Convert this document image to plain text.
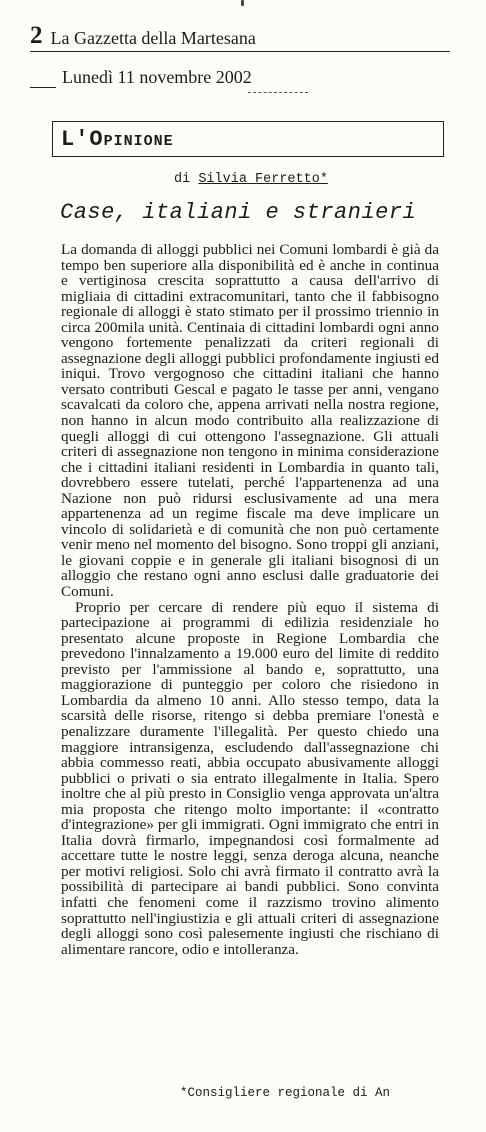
2 La Gazzetta della Martesana
Lunedì 11 novembre 2002
L'Opinione
di Silvia Ferretto*
Case, italiani e stranieri

La domanda di alloggi pubblici nei Comuni lombardi è già da tempo ben superiore alla disponibilità ed è anche in continua e vertiginosa crescita soprattutto a causa dell'arrivo di migliaia di cittadini extracomunitari, tanto che il fabbisogno regionale di alloggi è stato stimato per il prossimo triennio in circa 200mila unità. Centinaia di cittadini lombardi ogni anno vengono fortemente penalizzati da criteri regionali di assegnazione degli alloggi pubblici profondamente ingiusti ed iniqui. Trovo vergognoso che cittadini italiani che hanno versato contributi Gescal e pagato le tasse per anni, vengano scavalcati da coloro che, appena arrivati nella nostra regione, non hanno in alcun modo contribuito alla realizzazione di quegli alloggi di cui ottengono l'assegnazione. Gli attuali criteri di assegnazione non tengono in minima considerazione che i cittadini italiani residenti in Lombardia in quanto tali, dovrebbero essere tutelati, perché l'appartenenza ad una Nazione non può ridursi esclusivamente ad una mera appartenenza ad un regime fiscale ma deve implicare un vincolo di solidarietà e di comunità che non può certamente venir meno nel momento del bisogno. Sono troppi gli anziani, le giovani coppie e in generale gli italiani bisognosi di un alloggio che restano ogni anno esclusi dalle graduatorie dei Comuni.

Proprio per cercare di rendere più equo il sistema di partecipazione ai programmi di edilizia residenziale ho presentato alcune proposte in Regione Lombardia che prevedono l'innalzamento a 19.000 euro del limite di reddito previsto per l'ammissione al bando e, soprattutto, una maggiorazione di punteggio per coloro che risiedono in Lombardia da almeno 10 anni. Allo stesso tempo, data la scarsità delle risorse, ritengo si debba premiare l'onestà e penalizzare duramente l'illegalità. Per questo chiedo una maggiore intransigenza, escludendo dall'assegnazione chi abbia commesso reati, abbia occupato abusivamente alloggi pubblici o privati o sia entrato illegalmente in Italia. Spero inoltre che al più presto in Consiglio venga approvata un'altra mia proposta che ritengo molto importante: il «contratto d'integrazione» per gli immigrati. Ogni immigrato che entri in Italia dovrà firmarlo, impegnandosi così formalmente ad accettare tutte le nostre leggi, senza deroga alcuna, neanche per motivi religiosi. Solo chi avrà firmato il contratto avrà la possibilità di partecipare ai bandi pubblici. Sono convinta infatti che fenomeni come il razzismo trovino alimento soprattutto nell'ingiustizia e gli attuali criteri di assegnazione degli alloggi sono così palesemente ingiusti che rischiano di alimentare rancore, odio e intolleranza.

*Consigliere regionale di An
